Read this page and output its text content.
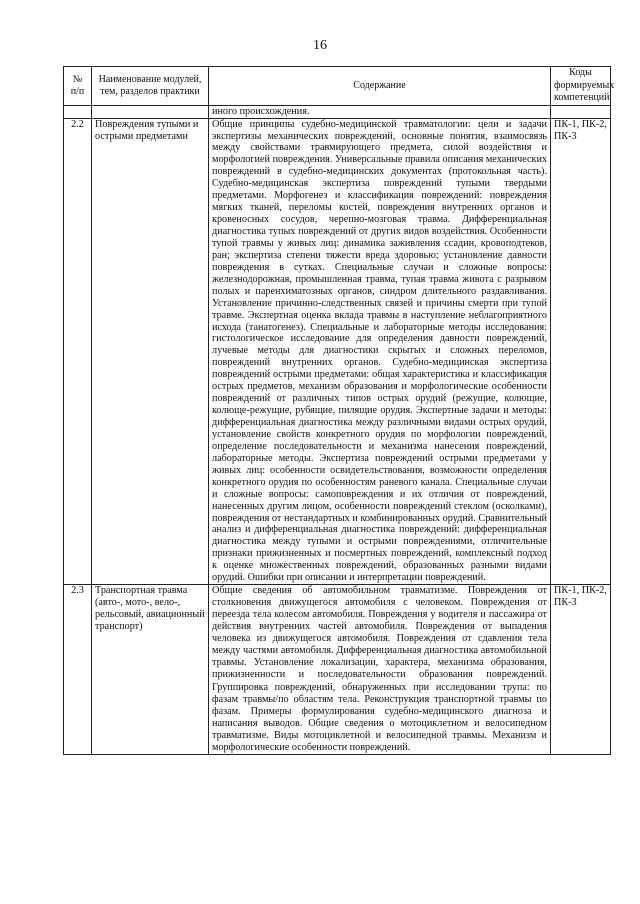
16
№
п/п	Наименование модулей, тем, разделов практики	Содержание	Коды формируемых компетенций
		иного происхождения.	
2.2	Повреждения тупыми и острыми предметами	Общие принципы судебно-медицинской травматологии: цели и задачи экспертизы механических повреждений, основные понятия, взаимосвязь между свойствами травмирующего предмета, силой воздействия и морфологией повреждения. Универсальные правила описания механических повреждений в судебно-медицинских документах (протокольная часть). Судебно-медицинская экспертиза повреждений тупыми твердыми предметами. Морфогенез и классификация повреждений: повреждения мягких тканей, переломы костей, повреждения внутренних органов и кровеносных сосудов, черепно-мозговая травма. Дифференциальная диагностика тупых повреждений от других видов воздействия. Особенности тупой травмы у живых лиц: динамика заживления ссадин, кровоподтеков, ран; экспертиза степени тяжести вреда здоровью; установление давности повреждения в сутках. Специальные случаи и сложные вопросы: железнодорожная, промышленная травма, тупая травма живота с разрывом полых и паренхиматозных органов, синдром длительного раздавливания. Установление причинно-следственных связей и причины смерти при тупой травме. Экспертная оценка вклада травмы в наступление неблагоприятного исхода (танатогенез). Специальные и лабораторные методы исследования: гистологическое исследование для определения давности повреждений, лучевые методы для диагностики скрытых и сложных переломов, повреждений внутренних органов. Судебно-медицинская экспертиза повреждений острыми предметами: общая характеристика и классификация острых предметов, механизм образования и морфологические особенности повреждений от различных типов острых орудий (режущие, колющие, колюще-режущие, рубящие, пилящие орудия. Экспертные задачи и методы: дифференциальная диагностика между различными видами острых орудий, установление свойств конкретного орудия по морфологии повреждений, определение последовательности и механизма нанесения повреждений, лабораторные методы. Экспертиза повреждений острыми предметами у живых лиц: особенности освидетельствования, возможности определения конкретного орудия по особенностям раневого канала. Специальные случаи и сложные вопросы: самоповреждения и их отличия от повреждений, нанесенных другим лицом, особенности повреждений стеклом (осколками), повреждения от нестандартных и комбинированных орудий. Сравнительный анализ и дифференциальная диагностика повреждений: дифференциальная диагностика между тупыми и острыми повреждениями, отличительные признаки прижизненных и посмертных повреждений, комплексный подход к оценке множественных повреждений, образованных разными видами орудий. Ошибки при описании и интерпретации повреждений.	ПК-1, ПК-2, ПК-3
2.3	Транспортная травма (авто-, мото-, вело-, рельсовый, авиационный транспорт)	Общие сведения об автомобильном травматизме. Повреждения от столкновения движущегося автомобиля с человеком. Повреждения от переезда тела колесом автомобиля. Повреждения у водителя и пассажира от действия внутренних частей автомобиля. Повреждения от выпадения человека из движущегося автомобиля. Повреждения от сдавления тела между частями автомобиля. Дифференциальная диагностика автомобильной травмы. Установление локализации, характера, механизма образования, прижизненности и последовательности образования повреждений. Группировка повреждений, обнаруженных при исследовании трупа: по фазам травмы/по областям тела. Реконструкция транспортной травмы по фазам. Примеры формулирования судебно-медицинского диагноза и написания выводов. Общие сведения о мотоциклетном и велосипедном травматизме. Виды мотоциклетной и велосипедной травмы. Механизм и морфологические особенности повреждений.	ПК-1, ПК-2, ПК-3
